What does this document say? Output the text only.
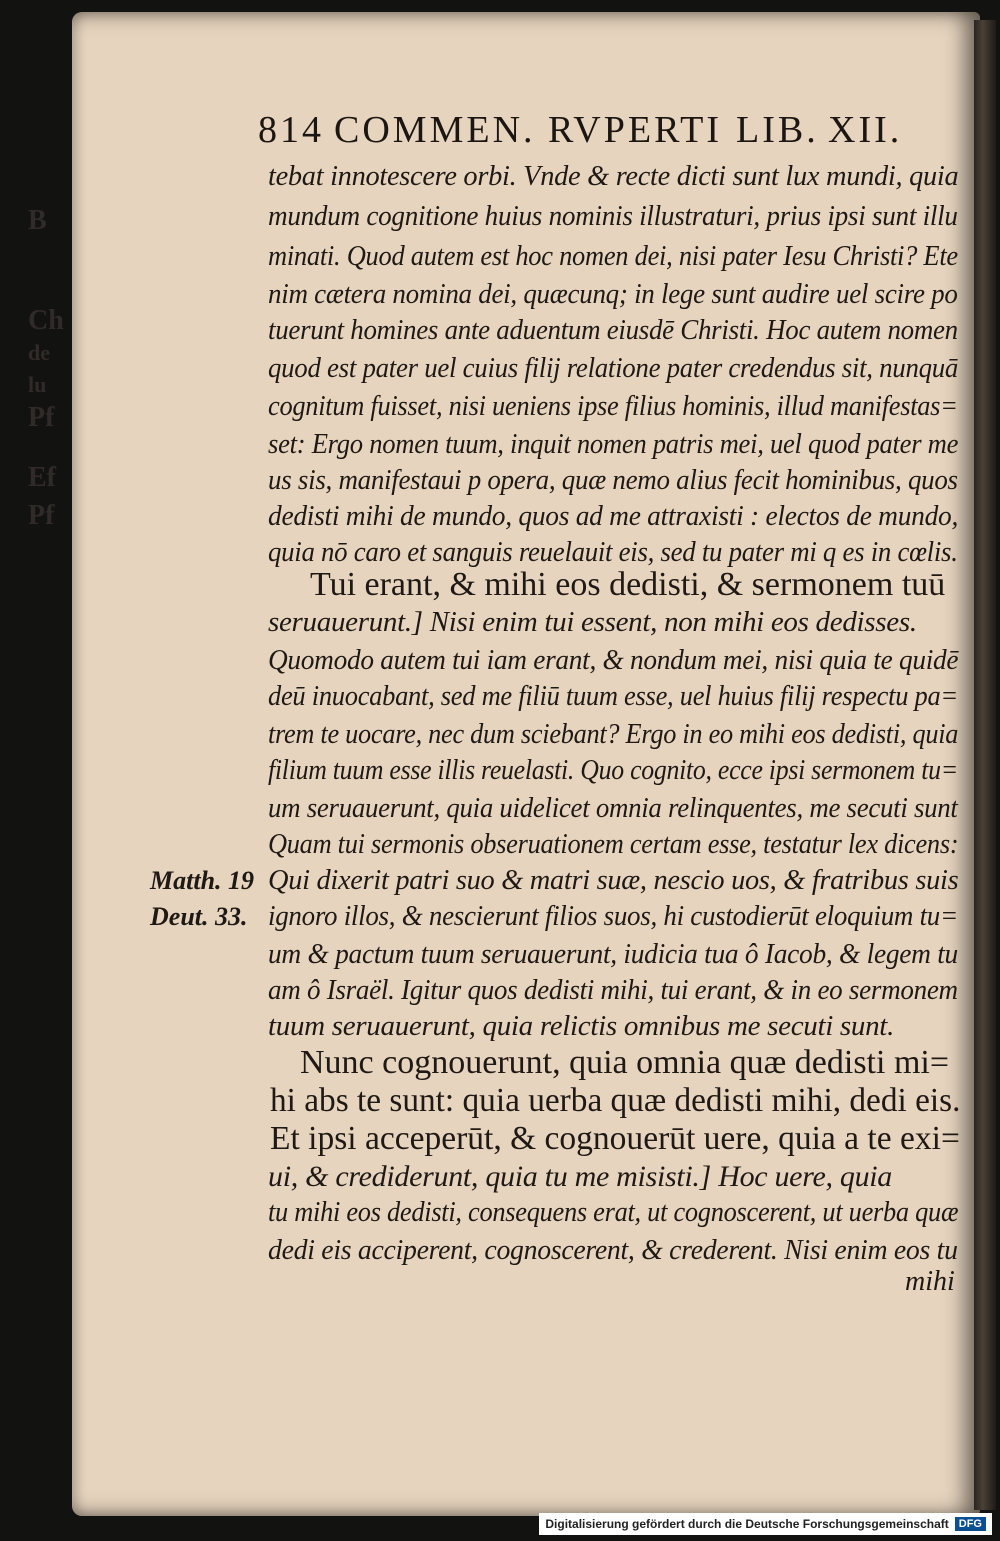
B
Ch
de
lu
Pf
Ef
Pf
814 COMMEN. RVPERTI LIB. XII.
tebat innotescere orbi. Vnde & recte dicti sunt lux mundi, quia
mundum cognitione huius nominis illustraturi, prius ipsi sunt illu
minati. Quod autem est hoc nomen dei, nisi pater Iesu Christi? Ete
nim cætera nomina dei, quæcunq; in lege sunt audire uel scire po
tuerunt homines ante aduentum eiusdē Christi. Hoc autem nomen
quod est pater uel cuius filij relatione pater credendus sit, nunquā
cognitum fuisset, nisi ueniens ipse filius hominis, illud manifestas=
set: Ergo nomen tuum, inquit nomen patris mei, uel quod pater me
us sis, manifestaui p opera, quæ nemo alius fecit hominibus, quos
dedisti mihi de mundo, quos ad me attraxisti : electos de mundo,
quia nō caro et sanguis reuelauit eis, sed tu pater mi q es in cœlis.
Tui erant, & mihi eos dedisti, & sermonem tuū
seruauerunt.] Nisi enim tui essent, non mihi eos dedisses.
Quomodo autem tui iam erant, & nondum mei, nisi quia te quidē
deū inuocabant, sed me filiū tuum esse, uel huius filij respectu pa=
trem te uocare, nec dum sciebant? Ergo in eo mihi eos dedisti, quia
filium tuum esse illis reuelasti. Quo cognito, ecce ipsi sermonem tu=
um seruauerunt, quia uidelicet omnia relinquentes, me secuti sunt
Quam tui sermonis obseruationem certam esse, testatur lex dicens:
Qui dixerit patri suo & matri suæ, nescio uos, & fratribus suis
ignoro illos, & nescierunt filios suos, hi custodierūt eloquium tu=
um & pactum tuum seruauerunt, iudicia tua ô Iacob, & legem tu
am ô Israël. Igitur quos dedisti mihi, tui erant, & in eo sermonem
tuum seruauerunt, quia relictis omnibus me secuti sunt.
Nunc cognouerunt, quia omnia quæ dedisti mi=
hi abs te sunt: quia uerba quæ dedisti mihi, dedi eis.
Et ipsi acceperūt, & cognouerūt uere, quia a te exi=
ui, & crediderunt, quia tu me misisti.] Hoc uere, quia
tu mihi eos dedisti, consequens erat, ut cognoscerent, ut uerba quæ
dedi eis acciperent, cognoscerent, & crederent. Nisi enim eos tu
Matth. 19
Deut. 33.
mihi
Digitalisierung gefördert durch die Deutsche Forschungsgemeinschaft DFG
